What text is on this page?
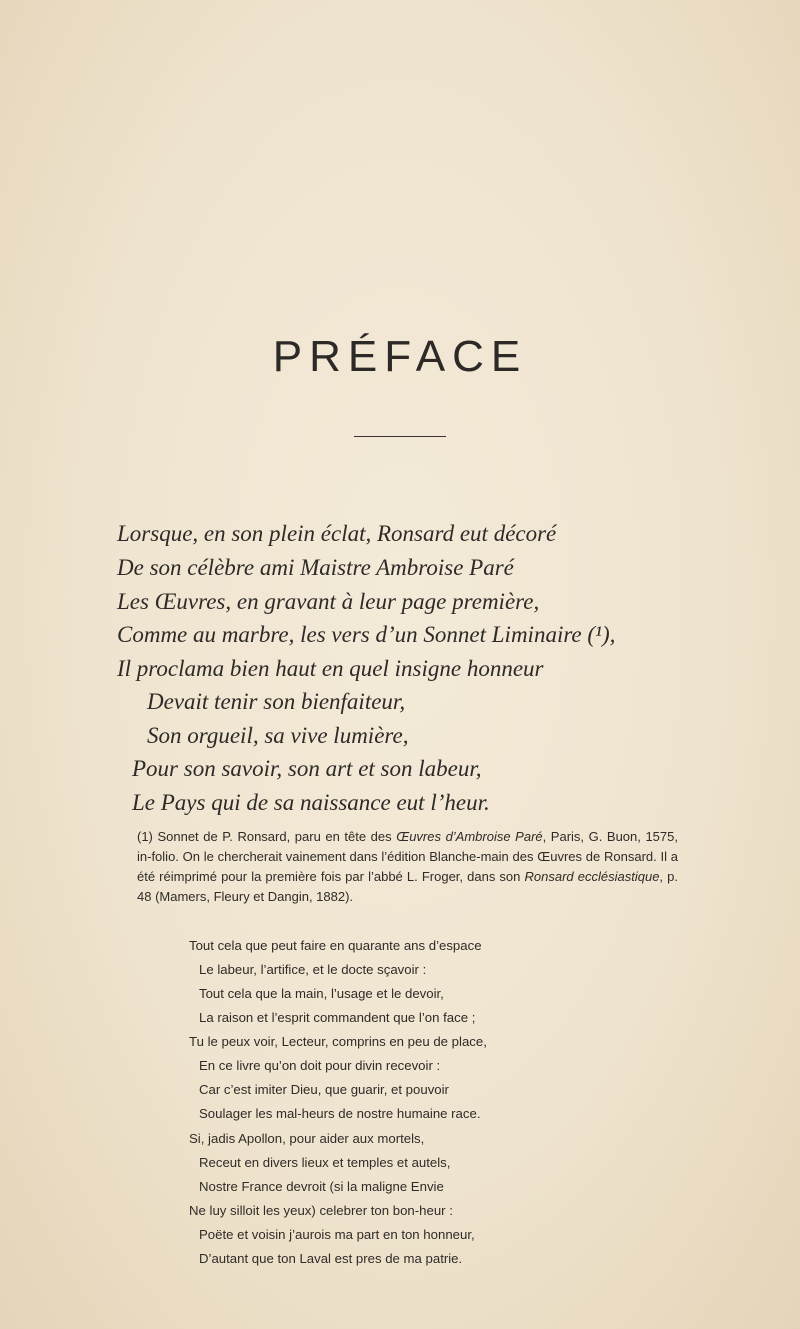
PRÉFACE
Lorsque, en son plein éclat, Ronsard eut décoré
De son célèbre ami Maistre Ambroise Paré
Les Œuvres, en gravant à leur page première,
Comme au marbre, les vers d’un Sonnet Liminaire (¹),
Il proclama bien haut en quel insigne honneur
Devait tenir son bienfaiteur,
Son orgueil, sa vive lumière,
Pour son savoir, son art et son labeur,
Le Pays qui de sa naissance eut l’heur.
(1) Sonnet de P. Ronsard, paru en tête des Œuvres d’Ambroise Paré, Paris, G. Buon, 1575, in-folio. On le chercherait vainement dans l’édition Blanche-main des Œuvres de Ronsard. Il a été réimprimé pour la première fois par l’abbé L. Froger, dans son Ronsard ecclésiastique, p. 48 (Mamers, Fleury et Dangin, 1882).
Tout cela que peut faire en quarante ans d’espace
Le labeur, l’artifice, et le docte sçavoir :
Tout cela que la main, l’usage et le devoir,
La raison et l’esprit commandent que l’on face ;
Tu le peux voir, Lecteur, comprins en peu de place,
En ce livre qu’on doit pour divin recevoir :
Car c’est imiter Dieu, que guarir, et pouvoir
Soulager les mal-heurs de nostre humaine race.
Si, jadis Apollon, pour aider aux mortels,
Receut en divers lieux et temples et autels,
Nostre France devroit (si la maligne Envie
Ne luy silloit les yeux) celebrer ton bon-heur :
Poëte et voisin j’aurois ma part en ton honneur,
D’autant que ton Laval est pres de ma patrie.
